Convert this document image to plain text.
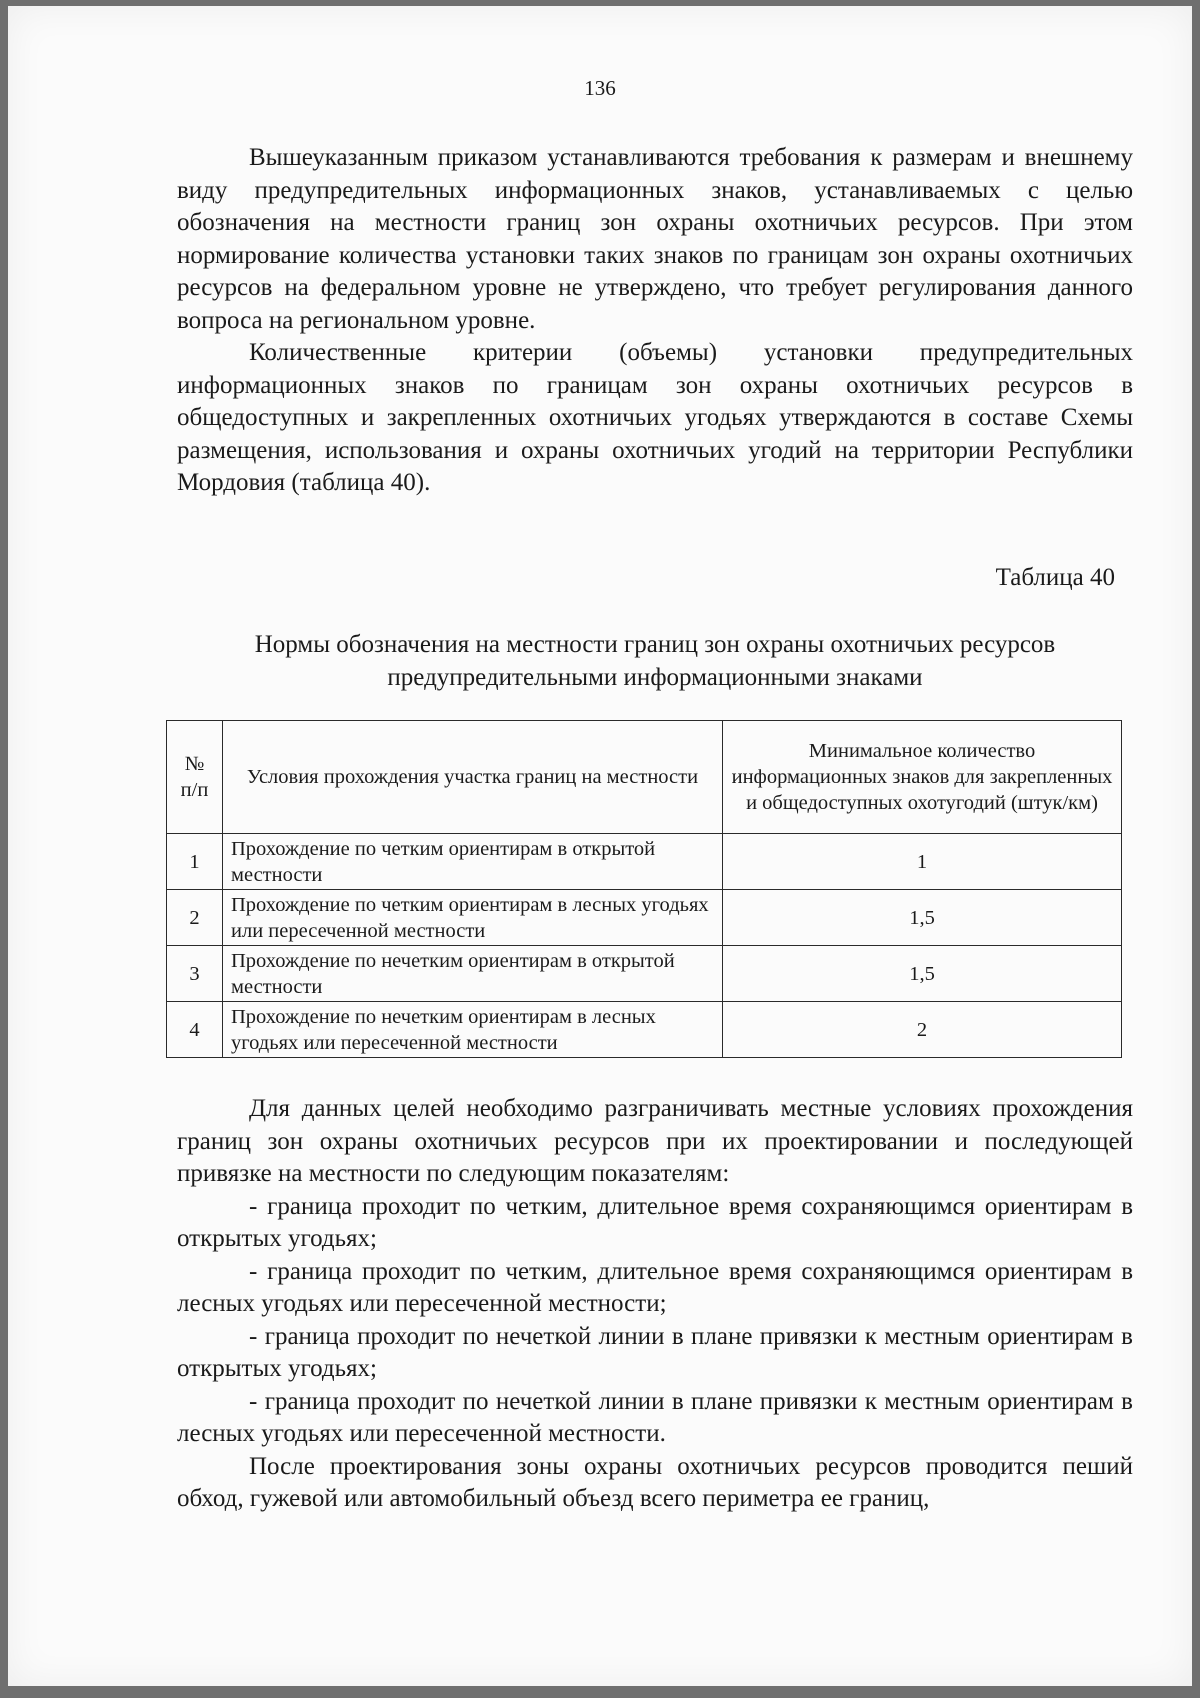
136

Вышеуказанным приказом устанавливаются требования к размерам и внешнему виду предупредительных информационных знаков, устанавливаемых с целью обозначения на местности границ зон охраны охотничьих ресурсов. При этом нормирование количества установки таких знаков по границам зон охраны охотничьих ресурсов на федеральном уровне не утверждено, что требует регулирования данного вопроса на региональном уровне.

Количественные критерии (объемы) установки предупредительных информационных знаков по границам зон охраны охотничьих ресурсов в общедоступных и закрепленных охотничьих угодьях утверждаются в составе Схемы размещения, использования и охраны охотничьих угодий на территории Республики Мордовия (таблица 40).

Таблица 40
Нормы обозначения на местности границ зон охраны охотничьих ресурсов
предупредительными информационными знаками
№ п/п	Условия прохождения участка границ на местности	Минимальное количество информационных знаков для закрепленных и общедоступных охотугодий (штук/км)
1	Прохождение по четким ориентирам в открытой местности	1
2	Прохождение по четким ориентирам в лесных угодьях или пересеченной местности	1,5
3	Прохождение по нечетким ориентирам в открытой местности	1,5
4	Прохождение по нечетким ориентирам в лесных угодьях или пересеченной местности	2

Для данных целей необходимо разграничивать местные условиях прохождения границ зон охраны охотничьих ресурсов при их проектировании и последующей привязке на местности по следующим показателям:

- граница проходит по четким, длительное время сохраняющимся ориентирам в открытых угодьях;

- граница проходит по четким, длительное время сохраняющимся ориентирам в лесных угодьях или пересеченной местности;

- граница проходит по нечеткой линии в плане привязки к местным ориентирам в открытых угодьях;

- граница проходит по нечеткой линии в плане привязки к местным ориентирам в лесных угодьях или пересеченной местности.

После проектирования зоны охраны охотничьих ресурсов проводится пеший обход, гужевой или автомобильный объезд всего периметра ее границ,
